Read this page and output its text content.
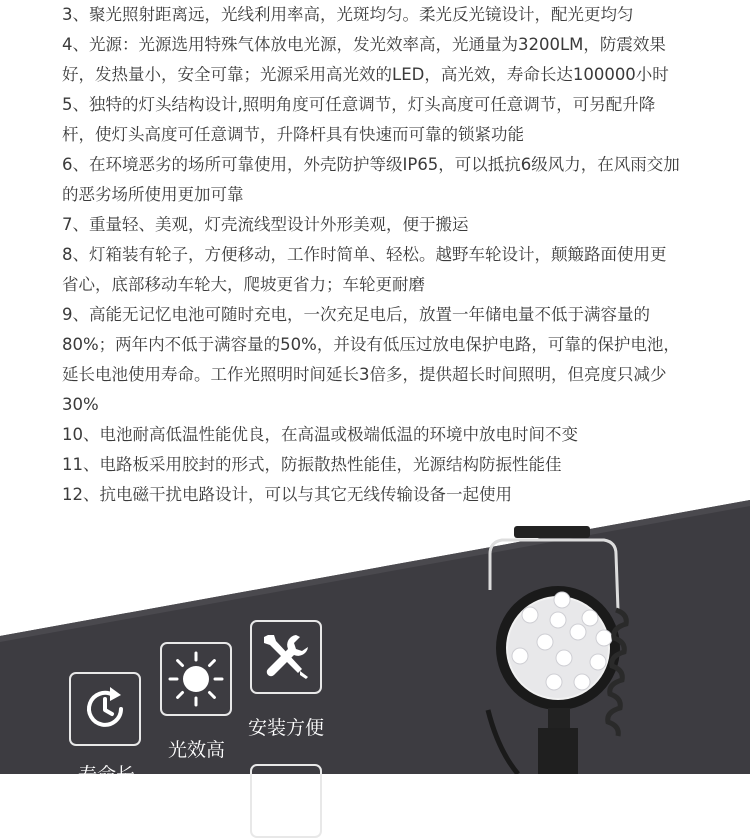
3、聚光照射距离远，光线利用率高，光斑均匀。柔光反光镜设计，配光更均匀

4、光源：光源选用特殊气体放电光源，发光效率高，光通量为3200LM，防震效果

好，发热量小，安全可靠；光源采用高光效的LED，高光效，寿命长达100000小时

5、独特的灯头结构设计,照明角度可任意调节，灯头高度可任意调节，可另配升降

杆，使灯头高度可任意调节，升降杆具有快速而可靠的锁紧功能

6、在环境恶劣的场所可靠使用，外壳防护等级IP65，可以抵抗6级风力，在风雨交加

的恶劣场所使用更加可靠

7、重量轻、美观，灯壳流线型设计外形美观，便于搬运

8、灯箱装有轮子，方便移动，工作时简单、轻松。越野车轮设计，颠簸路面使用更

省心，底部移动车轮大，爬坡更省力；车轮更耐磨

9、高能无记忆电池可随时充电，一次充足电后，放置一年储电量不低于满容量的

80%；两年内不低于满容量的50%，并设有低压过放电保护电路，可靠的保护电池，

延长电池使用寿命。工作光照明时间延长3倍多，提供超长时间照明，但亮度只减少

30%

10、电池耐高低温性能优良，在高温或极端低温的环境中放电时间不变

11、电路板采用胶封的形式，防振散热性能佳，光源结构防振性能佳

12、抗电磁干扰电路设计，可以与其它无线传输设备一起使用

寿命长
光效高
安装方便
